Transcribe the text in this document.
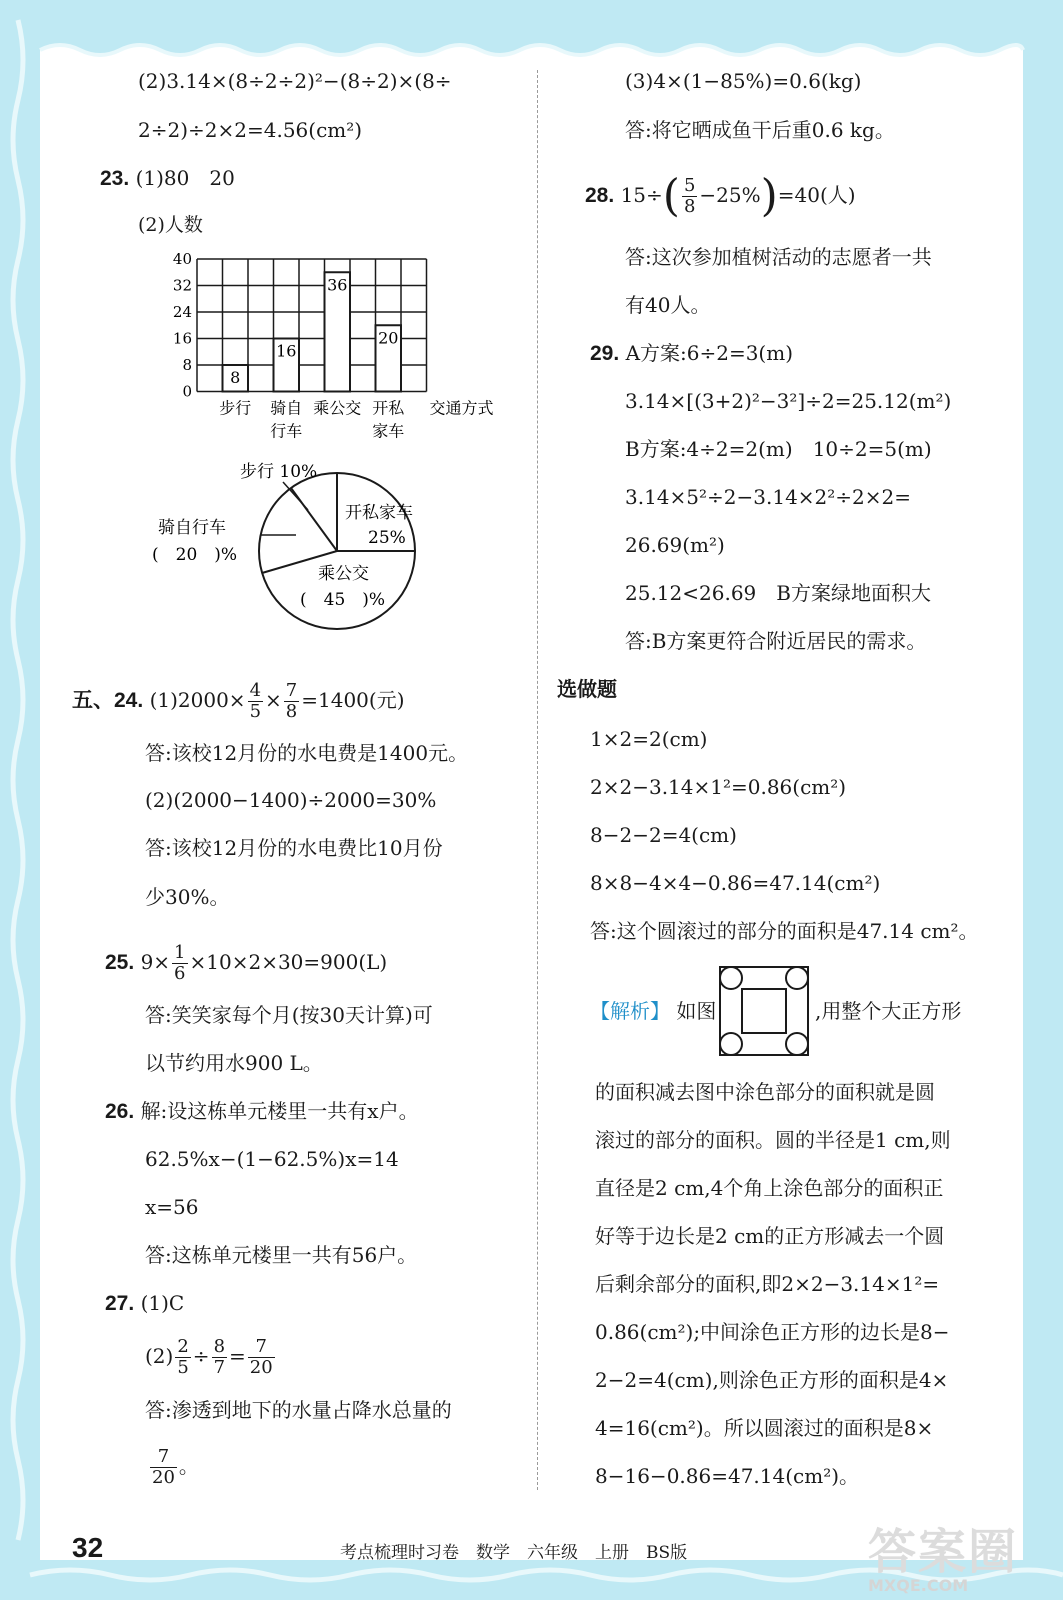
(2)3.14×(8÷2÷2)²−(8÷2)×(8÷
2÷2)÷2×2=4.56(cm²)
23. (1)80　20
(2)人数
40
32
24
16
8
0
8
16
36
20
步行 骑自
行车
乘公交 开私
家车
交通方式
步行 10%
开私家车
25%
骑自行车
(　20　)%
乘公交
(　45　)%
五、24. $(1)2000\times \frac{4}{5} \times \frac{7}{8} =1400$(元)
答:该校12月份的水电费是1400元。
(2)(2000−1400)÷2000=30%
答:该校12月份的水电费比10月份
少30%。
25. $9\times \frac{1}{6} \times 10\times 2\times 30=900(L)$
答:笑笑家每个月(按30天计算)可
以节约用水900 L。
26. 解:设这栋单元楼里一共有x户。
62.5%x−(1−62.5%)x=14
x=56
答:这栋单元楼里一共有56户。
27. (1)C
$(2) \frac{2}{5} \div \frac{8}{7} = \frac{7}{20}$
答:渗透到地下的水量占降水总量的
$\frac{7}{20}$ 。
(3)4×(1−85%)=0.6(kg)
答:将它晒成鱼干后重0.6 kg。
28. $15\div( \frac{5}{8} -25\%)=40$(人)
答:这次参加植树活动的志愿者一共
有40人。
29. A方案:6÷2=3(m)
3.14×[(3+2)²−3²]÷2=25.12(m²)
B方案:4÷2=2(m)　10÷2=5(m)
3.14×5²÷2−3.14×2²÷2×2=
26.69(m²)
25.12<26.69　B方案绿地面积大
答:B方案更符合附近居民的需求。
选做题
1×2=2(cm)
2×2−3.14×1²=0.86(cm²)
8−2−2=4(cm)
8×8−4×4−0.86=47.14(cm²)
答:这个圆滚过的部分的面积是47.14 cm²。
【解析】 如图	,用整个大正方形
的面积减去图中涂色部分的面积就是圆
滚过的部分的面积。圆的半径是1 cm,则
直径是2 cm,4个角上涂色部分的面积正
好等于边长是2 cm的正方形减去一个圆
后剩余部分的面积,即2×2−3.14×1²=
0.86(cm²);中间涂色正方形的边长是8−
2−2=4(cm),则涂色正方形的面积是4×
4=16(cm²)。所以圆滚过的面积是8×
8−16−0.86=47.14(cm²)。
32	考点梳理时习卷　数学　六年级　上册　BS版	答案圈
MXQE.COM
